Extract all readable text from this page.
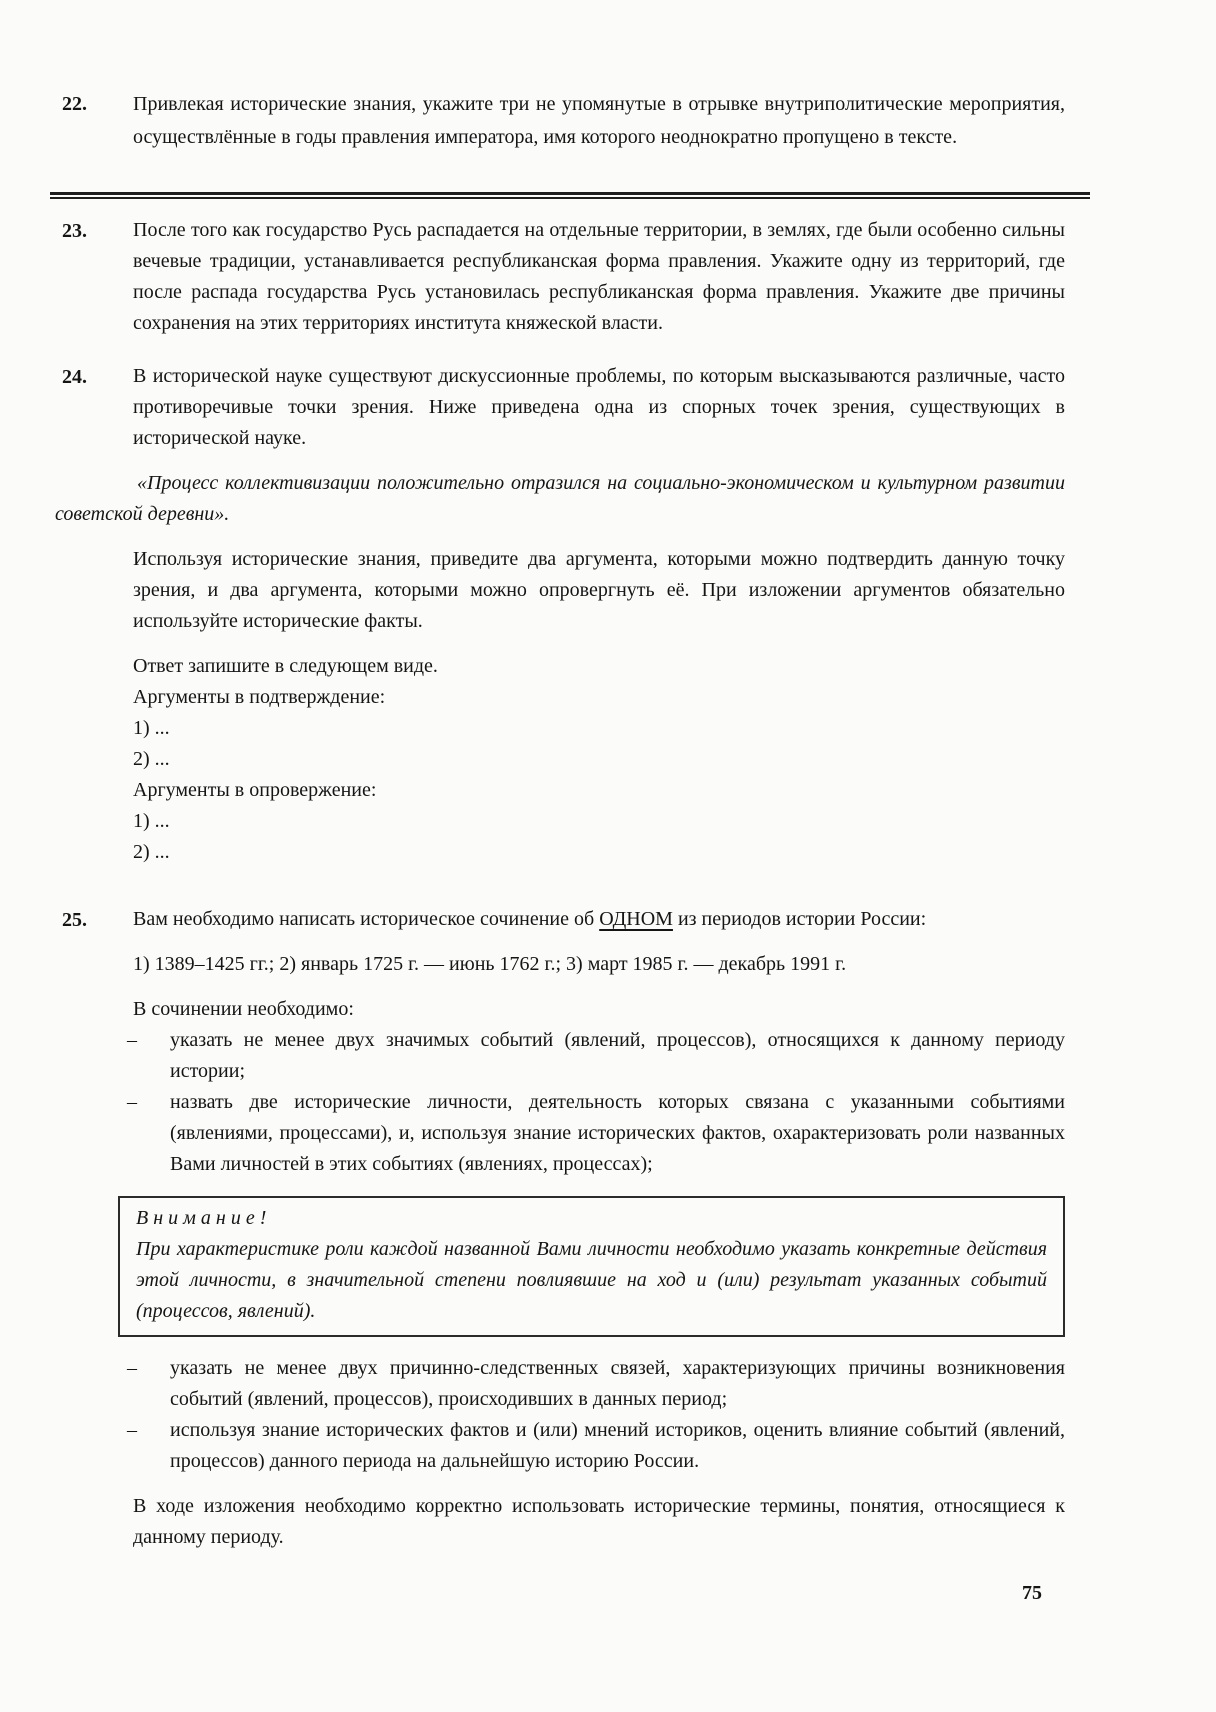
22.	Привлекая исторические знания, укажите три не упомянутые в отрывке внутриполитические мероприятия, осуществлённые в годы правления императора, имя которого неоднократно пропущено в тексте.

23.	После того как государство Русь распадается на отдельные территории, в землях, где были особенно сильны вечевые традиции, устанавливается республиканская форма правления. Укажите одну из территорий, где после распада государства Русь установилась республиканская форма правления. Укажите две причины сохранения на этих территориях института княжеской власти.

24.	В исторической науке существуют дискуссионные проблемы, по которым высказываются различные, часто противоречивые точки зрения. Ниже приведена одна из спорных точек зрения, существующих в исторической науке.

«Процесс коллективизации положительно отразился на социально-экономическом и культурном развитии советской деревни».

Используя исторические знания, приведите два аргумента, которыми можно подтвердить данную точку зрения, и два аргумента, которыми можно опровергнуть её. При изложении аргументов обязательно используйте исторические факты.

Ответ запишите в следующем виде.

Аргументы в подтверждение:

1) ...

2) ...

Аргументы в опровержение:

1) ...

2) ...

25.	Вам необходимо написать историческое сочинение об ОДНОМ из периодов истории России:

1) 1389–1425 гг.; 2) январь 1725 г. — июнь 1762 г.; 3) март 1985 г. — декабрь 1991 г.

В сочинении необходимо:

– указать не менее двух значимых событий (явлений, процессов), относящихся к данному периоду истории;
– назвать две исторические личности, деятельность которых связана с указанными событиями (явлениями, процессами), и, используя знание исторических фактов, охарактеризовать роли названных Вами личностей в этих событиях (явлениях, процессах);

В н и м а н и е !

При характеристике роли каждой названной Вами личности необходимо указать конкретные действия этой личности, в значительной степени повлиявшие на ход и (или) результат указанных событий (процессов, явлений).

– указать не менее двух причинно-следственных связей, характеризующих причины возникновения событий (явлений, процессов), происходивших в данных период;
– используя знание исторических фактов и (или) мнений историков, оценить влияние событий (явлений, процессов) данного периода на дальнейшую историю России.

В ходе изложения необходимо корректно использовать исторические термины, понятия, относящиеся к данному периоду.

75
